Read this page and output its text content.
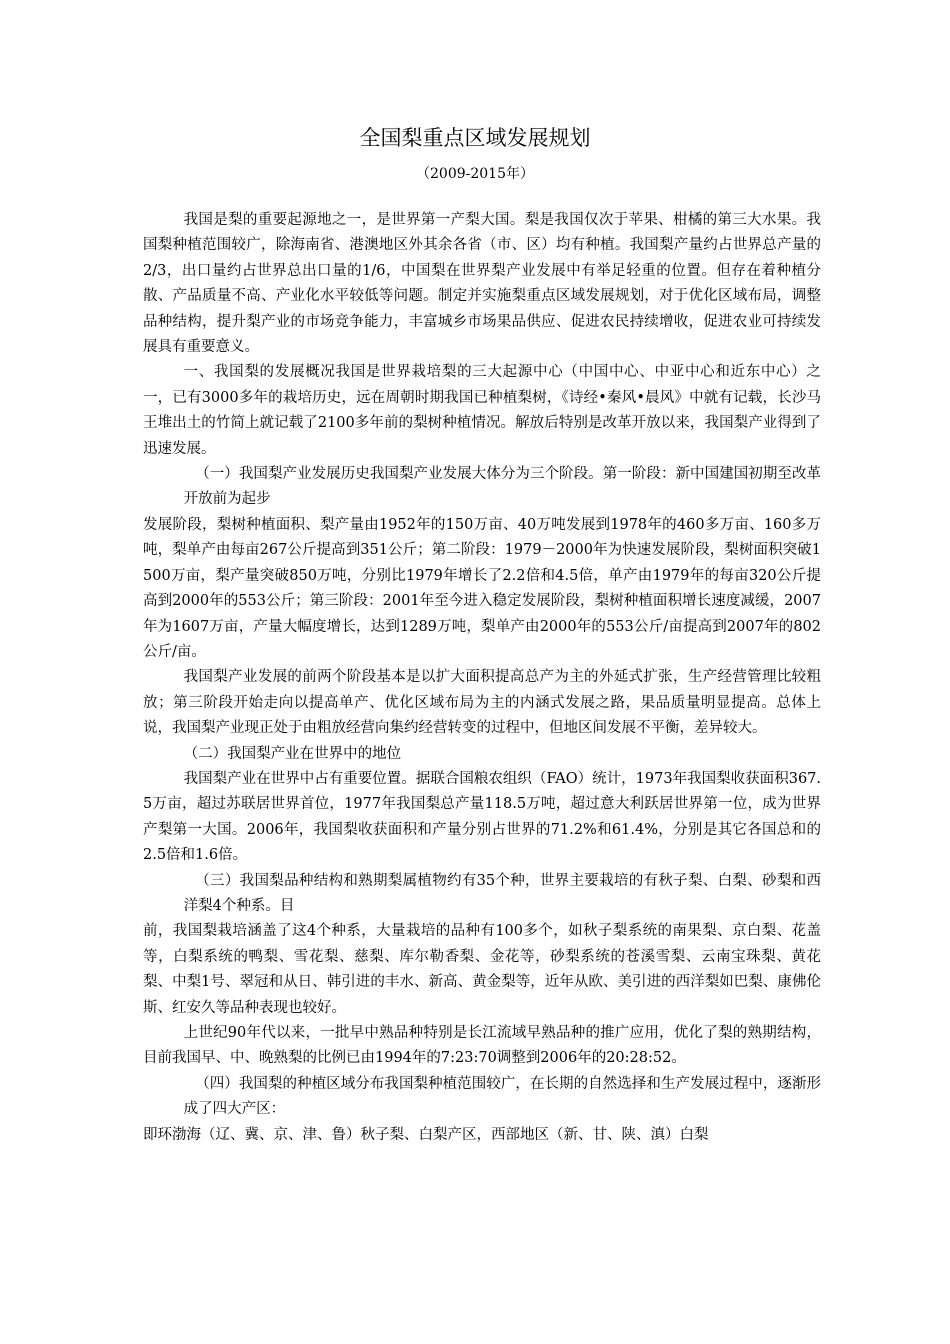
全国梨重点区域发展规划
（2009-2015年）

我国是梨的重要起源地之一，是世界第一产梨大国。梨是我国仅次于苹果、柑橘的第三大水果。我国梨种植范围较广，除海南省、港澳地区外其余各省（市、区）均有种植。我国梨产量约占世界总产量的2/3，出口量约占世界总出口量的1/6，中国梨在世界梨产业发展中有举足轻重的位置。但存在着种植分散、产品质量不高、产业化水平较低等问题。制定并实施梨重点区域发展规划，对于优化区域布局，调整品种结构，提升梨产业的市场竞争能力，丰富城乡市场果品供应、促进农民持续增收，促进农业可持续发展具有重要意义。

一、我国梨的发展概况我国是世界栽培梨的三大起源中心（中国中心、中亚中心和近东中心）之一，已有3000多年的栽培历史，远在周朝时期我国已种植梨树，《诗经•秦风•晨风》中就有记载，长沙马王堆出土的竹简上就记载了2100多年前的梨树种植情况。解放后特别是改革开放以来，我国梨产业得到了迅速发展。

（一）我国梨产业发展历史我国梨产业发展大体分为三个阶段。第一阶段：新中国建国初期至改革开放前为起步

发展阶段，梨树种植面积、梨产量由1952年的150万亩、40万吨发展到1978年的460多万亩、160多万吨，梨单产由每亩267公斤提高到351公斤；第二阶段：1979－2000年为快速发展阶段，梨树面积突破1500万亩，梨产量突破850万吨，分别比1979年增长了2.2倍和4.5倍，单产由1979年的每亩320公斤提高到2000年的553公斤；第三阶段：2001年至今进入稳定发展阶段，梨树种植面积增长速度减缓，2007年为1607万亩，产量大幅度增长，达到1289万吨，梨单产由2000年的553公斤/亩提高到2007年的802公斤/亩。

我国梨产业发展的前两个阶段基本是以扩大面积提高总产为主的外延式扩张，生产经营管理比较粗放；第三阶段开始走向以提高单产、优化区域布局为主的内涵式发展之路，果品质量明显提高。总体上说，我国梨产业现正处于由粗放经营向集约经营转变的过程中，但地区间发展不平衡，差异较大。

（二）我国梨产业在世界中的地位

我国梨产业在世界中占有重要位置。据联合国粮农组织（FAO）统计，1973年我国梨收获面积367.5万亩，超过苏联居世界首位，1977年我国梨总产量118.5万吨，超过意大利跃居世界第一位，成为世界产梨第一大国。2006年，我国梨收获面积和产量分别占世界的71.2%和61.4%，分别是其它各国总和的2.5倍和1.6倍。

（三）我国梨品种结构和熟期梨属植物约有35个种，世界主要栽培的有秋子梨、白梨、砂梨和西洋梨4个种系。目

前，我国梨栽培涵盖了这4个种系，大量栽培的品种有100多个，如秋子梨系统的南果梨、京白梨、花盖等，白梨系统的鸭梨、雪花梨、慈梨、库尔勒香梨、金花等，砂梨系统的苍溪雪梨、云南宝珠梨、黄花梨、中梨1号、翠冠和从日、韩引进的丰水、新高、黄金梨等，近年从欧、美引进的西洋梨如巴梨、康佛伦斯、红安久等品种表现也较好。

上世纪90年代以来，一批早中熟品种特别是长江流域早熟品种的推广应用，优化了梨的熟期结构，目前我国早、中、晚熟梨的比例已由1994年的7:23:70调整到2006年的20:28:52。

（四）我国梨的种植区域分布我国梨种植范围较广，在长期的自然选择和生产发展过程中，逐渐形成了四大产区：

即环渤海（辽、冀、京、津、鲁）秋子梨、白梨产区，西部地区（新、甘、陕、滇）白梨
